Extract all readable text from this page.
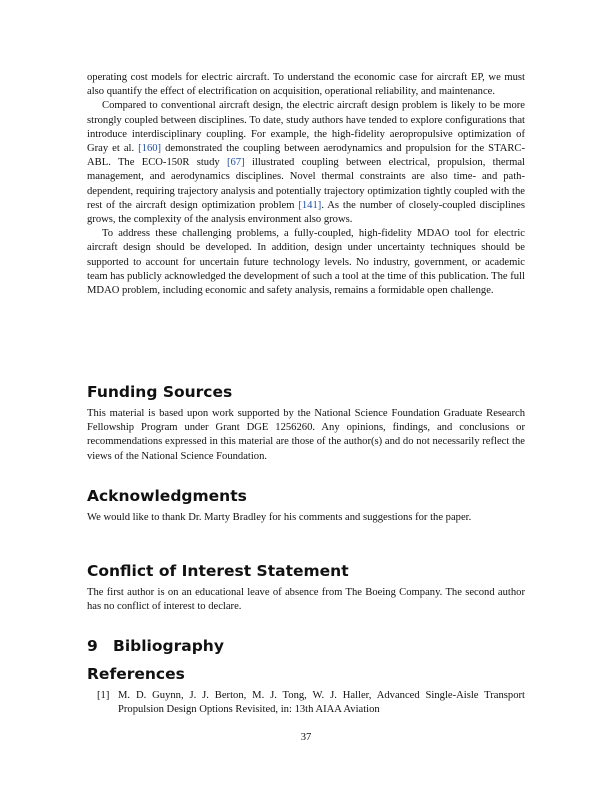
operating cost models for electric aircraft. To understand the economic case for aircraft EP, we must also quantify the effect of electrification on acquisition, operational reliability, and maintenance.

Compared to conventional aircraft design, the electric aircraft design problem is likely to be more strongly coupled between disciplines. To date, study authors have tended to explore configurations that introduce interdisciplinary coupling. For example, the high-fidelity aeropropulsive optimization of Gray et al. [160] demonstrated the coupling between aerodynamics and propulsion for the STARC-ABL. The ECO-150R study [67] illustrated coupling between electrical, propulsion, thermal management, and aerodynamics disciplines. Novel thermal constraints are also time- and path-dependent, requiring trajectory analysis and potentially trajectory optimization tightly coupled with the rest of the aircraft design optimization problem [141]. As the number of closely-coupled disciplines grows, the complexity of the analysis environment also grows.

To address these challenging problems, a fully-coupled, high-fidelity MDAO tool for electric aircraft design should be developed. In addition, design under uncertainty techniques should be supported to account for uncertain future technology levels. No industry, government, or academic team has publicly acknowledged the development of such a tool at the time of this publication. The full MDAO problem, including economic and safety analysis, remains a formidable open challenge.

Funding Sources

This material is based upon work supported by the National Science Foundation Graduate Research Fellowship Program under Grant DGE 1256260. Any opinions, findings, and conclusions or recommendations expressed in this material are those of the author(s) and do not necessarily reflect the views of the National Science Foundation.

Acknowledgments

We would like to thank Dr. Marty Bradley for his comments and suggestions for the paper.

Conflict of Interest Statement

The first author is on an educational leave of absence from The Boeing Company. The second author has no conflict of interest to declare.

9 Bibliography
References
[1] M. D. Guynn, J. J. Berton, M. J. Tong, W. J. Haller, Advanced Single-Aisle Transport Propulsion Design Options Revisited, in: 13th AIAA Aviation
37
